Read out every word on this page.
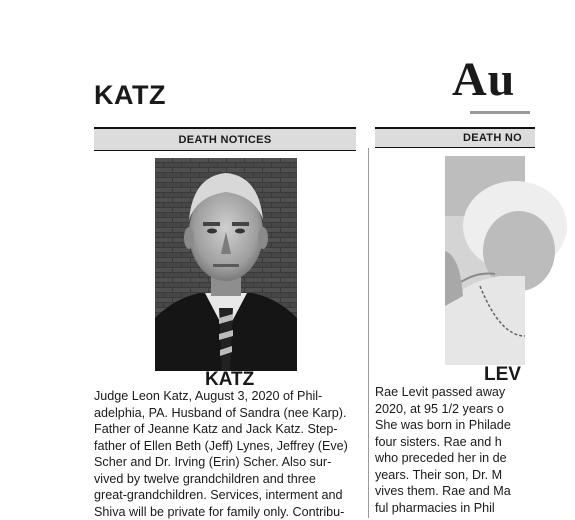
KATZ	Au
DEATH NOTICES	DEATH NO
KATZ
Judge Leon Katz, August 3, 2020 of Phil-
adelphia, PA. Husband of Sandra (nee Karp).
Father of Jeanne Katz and Jack Katz. Step-
father of Ellen Beth (Jeff) Lynes, Jeffrey (Eve)
Scher and Dr. Irving (Erin) Scher. Also sur-
vived by twelve grandchildren and three
great-grandchildren. Services, interment and
Shiva will be private for family only. Contribu-
LEV
Rae Levit passed away
2020, at 95 1/2 years o
She was born in Philade
four sisters. Rae and h
who preceded her in de
years. Their son, Dr. M
vives them. Rae and Ma
ful pharmacies in Phil
